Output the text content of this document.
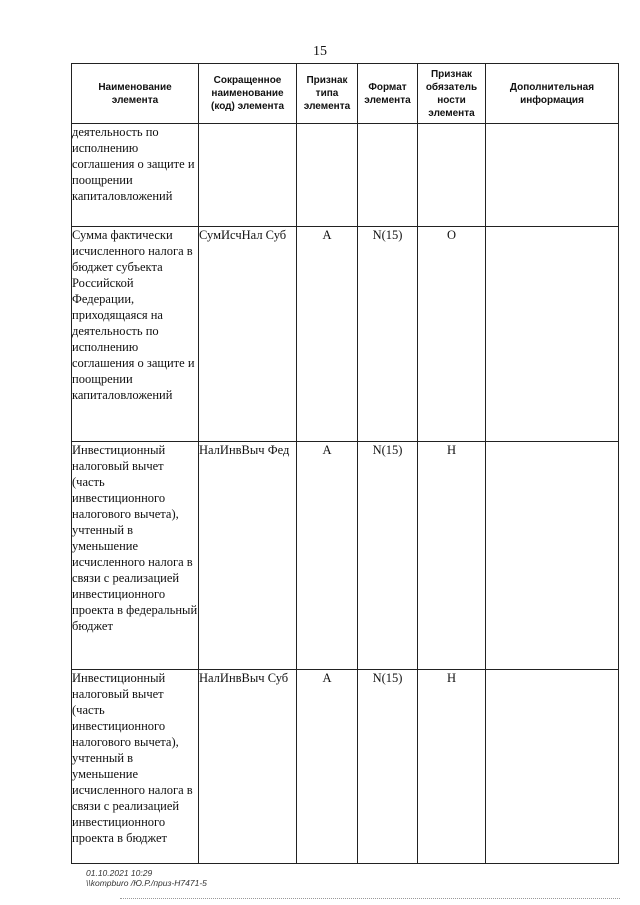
15
Наименование элемента	Сокращенное наименование (код) элемента	Признак типа элемента	Формат элемента	Признак обязатель ности элемента	Дополнительная информация
деятельность по исполнению соглашения о защите и поощрении капиталовложений					
Сумма фактически исчисленного налога в бюджет субъекта Российской Федерации, приходящаяся на деятельность по исполнению соглашения о защите и поощрении капиталовложений	СумИсчНал Суб	А	N(15)	О	
Инвестиционный налоговый вычет (часть инвестиционного налогового вычета), учтенный в уменьшение исчисленного налога в связи с реализацией инвестиционного проекта в федеральный бюджет	НалИнвВыч Фед	А	N(15)	Н	
Инвестиционный налоговый вычет (часть инвестиционного налогового вычета), учтенный в уменьшение исчисленного налога в связи с реализацией инвестиционного проекта в бюджет	НалИнвВыч Суб	А	N(15)	Н	
01.10.2021 10:29
\\kompburo /Ю.Р./приз-Н7471-5
